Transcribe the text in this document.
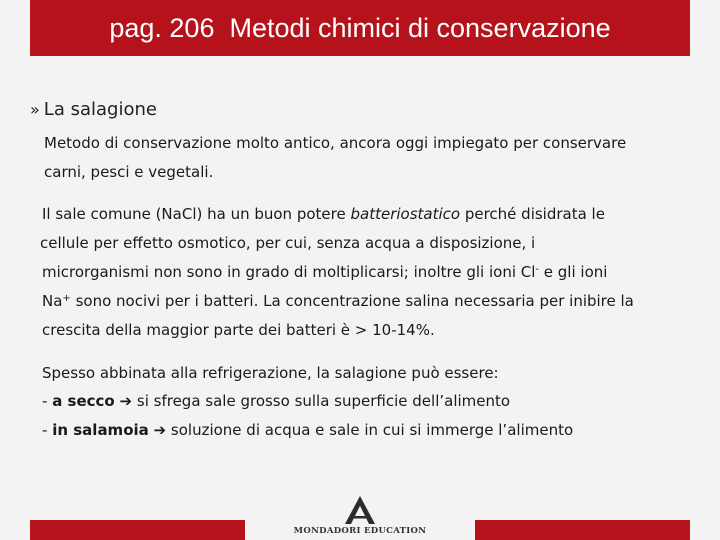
pag. 206  Metodi chimici di conservazione
» La salagione
Metodo di conservazione molto antico, ancora oggi impiegato per conservare
carni, pesci e vegetali.
Il sale comune (NaCl) ha un buon potere batteriostatico perché disidrata le
cellule per effetto osmotico, per cui, senza acqua a disposizione, i
microrganismi non sono in grado di moltiplicarsi; inoltre gli ioni Cl- e gli ioni
Na+ sono nocivi per i batteri. La concentrazione salina necessaria per inibire la
crescita della maggior parte dei batteri è > 10-14%.
Spesso abbinata alla refrigerazione, la salagione può essere:
- a secco ➔ si sfrega sale grosso sulla superficie dell’alimento
- in salamoia ➔ soluzione di acqua e sale in cui si immerge l’alimento
MONDADORI EDUCATION
